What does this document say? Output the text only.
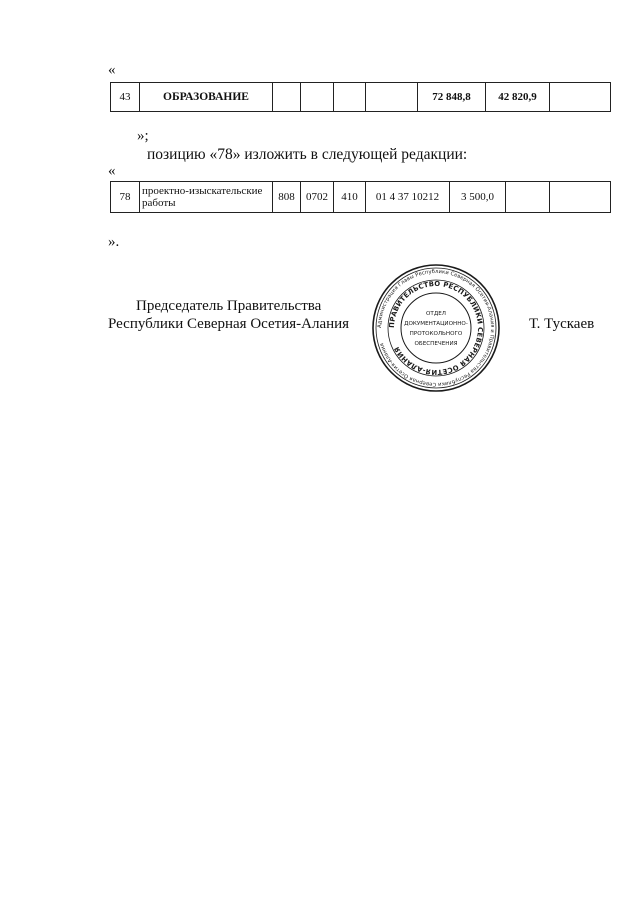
«
43	ОБРАЗОВАНИЕ					72 848,8	42 820,9	
»;
позицию «78» изложить в следующей редакции:
«
78	проектно-изыскательские работы	808	0702	410	01 4 37 10212	3 500,0		
».
Председатель Правительства
Республики Северная Осетия-Алания	Т. Тускаев
Администрация Главы Республики Северная Осетия-Алания и Правительства Республики Северная Осетия-Алания
ПРАВИТЕЛЬСТВО РЕСПУБЛИКИ СЕВЕРНАЯ ОСЕТИЯ-АЛАНИЯ
ОТДЕЛ
ДОКУМЕНТАЦИОННО-
ПРОТОКОЛЬНОГО
ОБЕСПЕЧЕНИЯ
